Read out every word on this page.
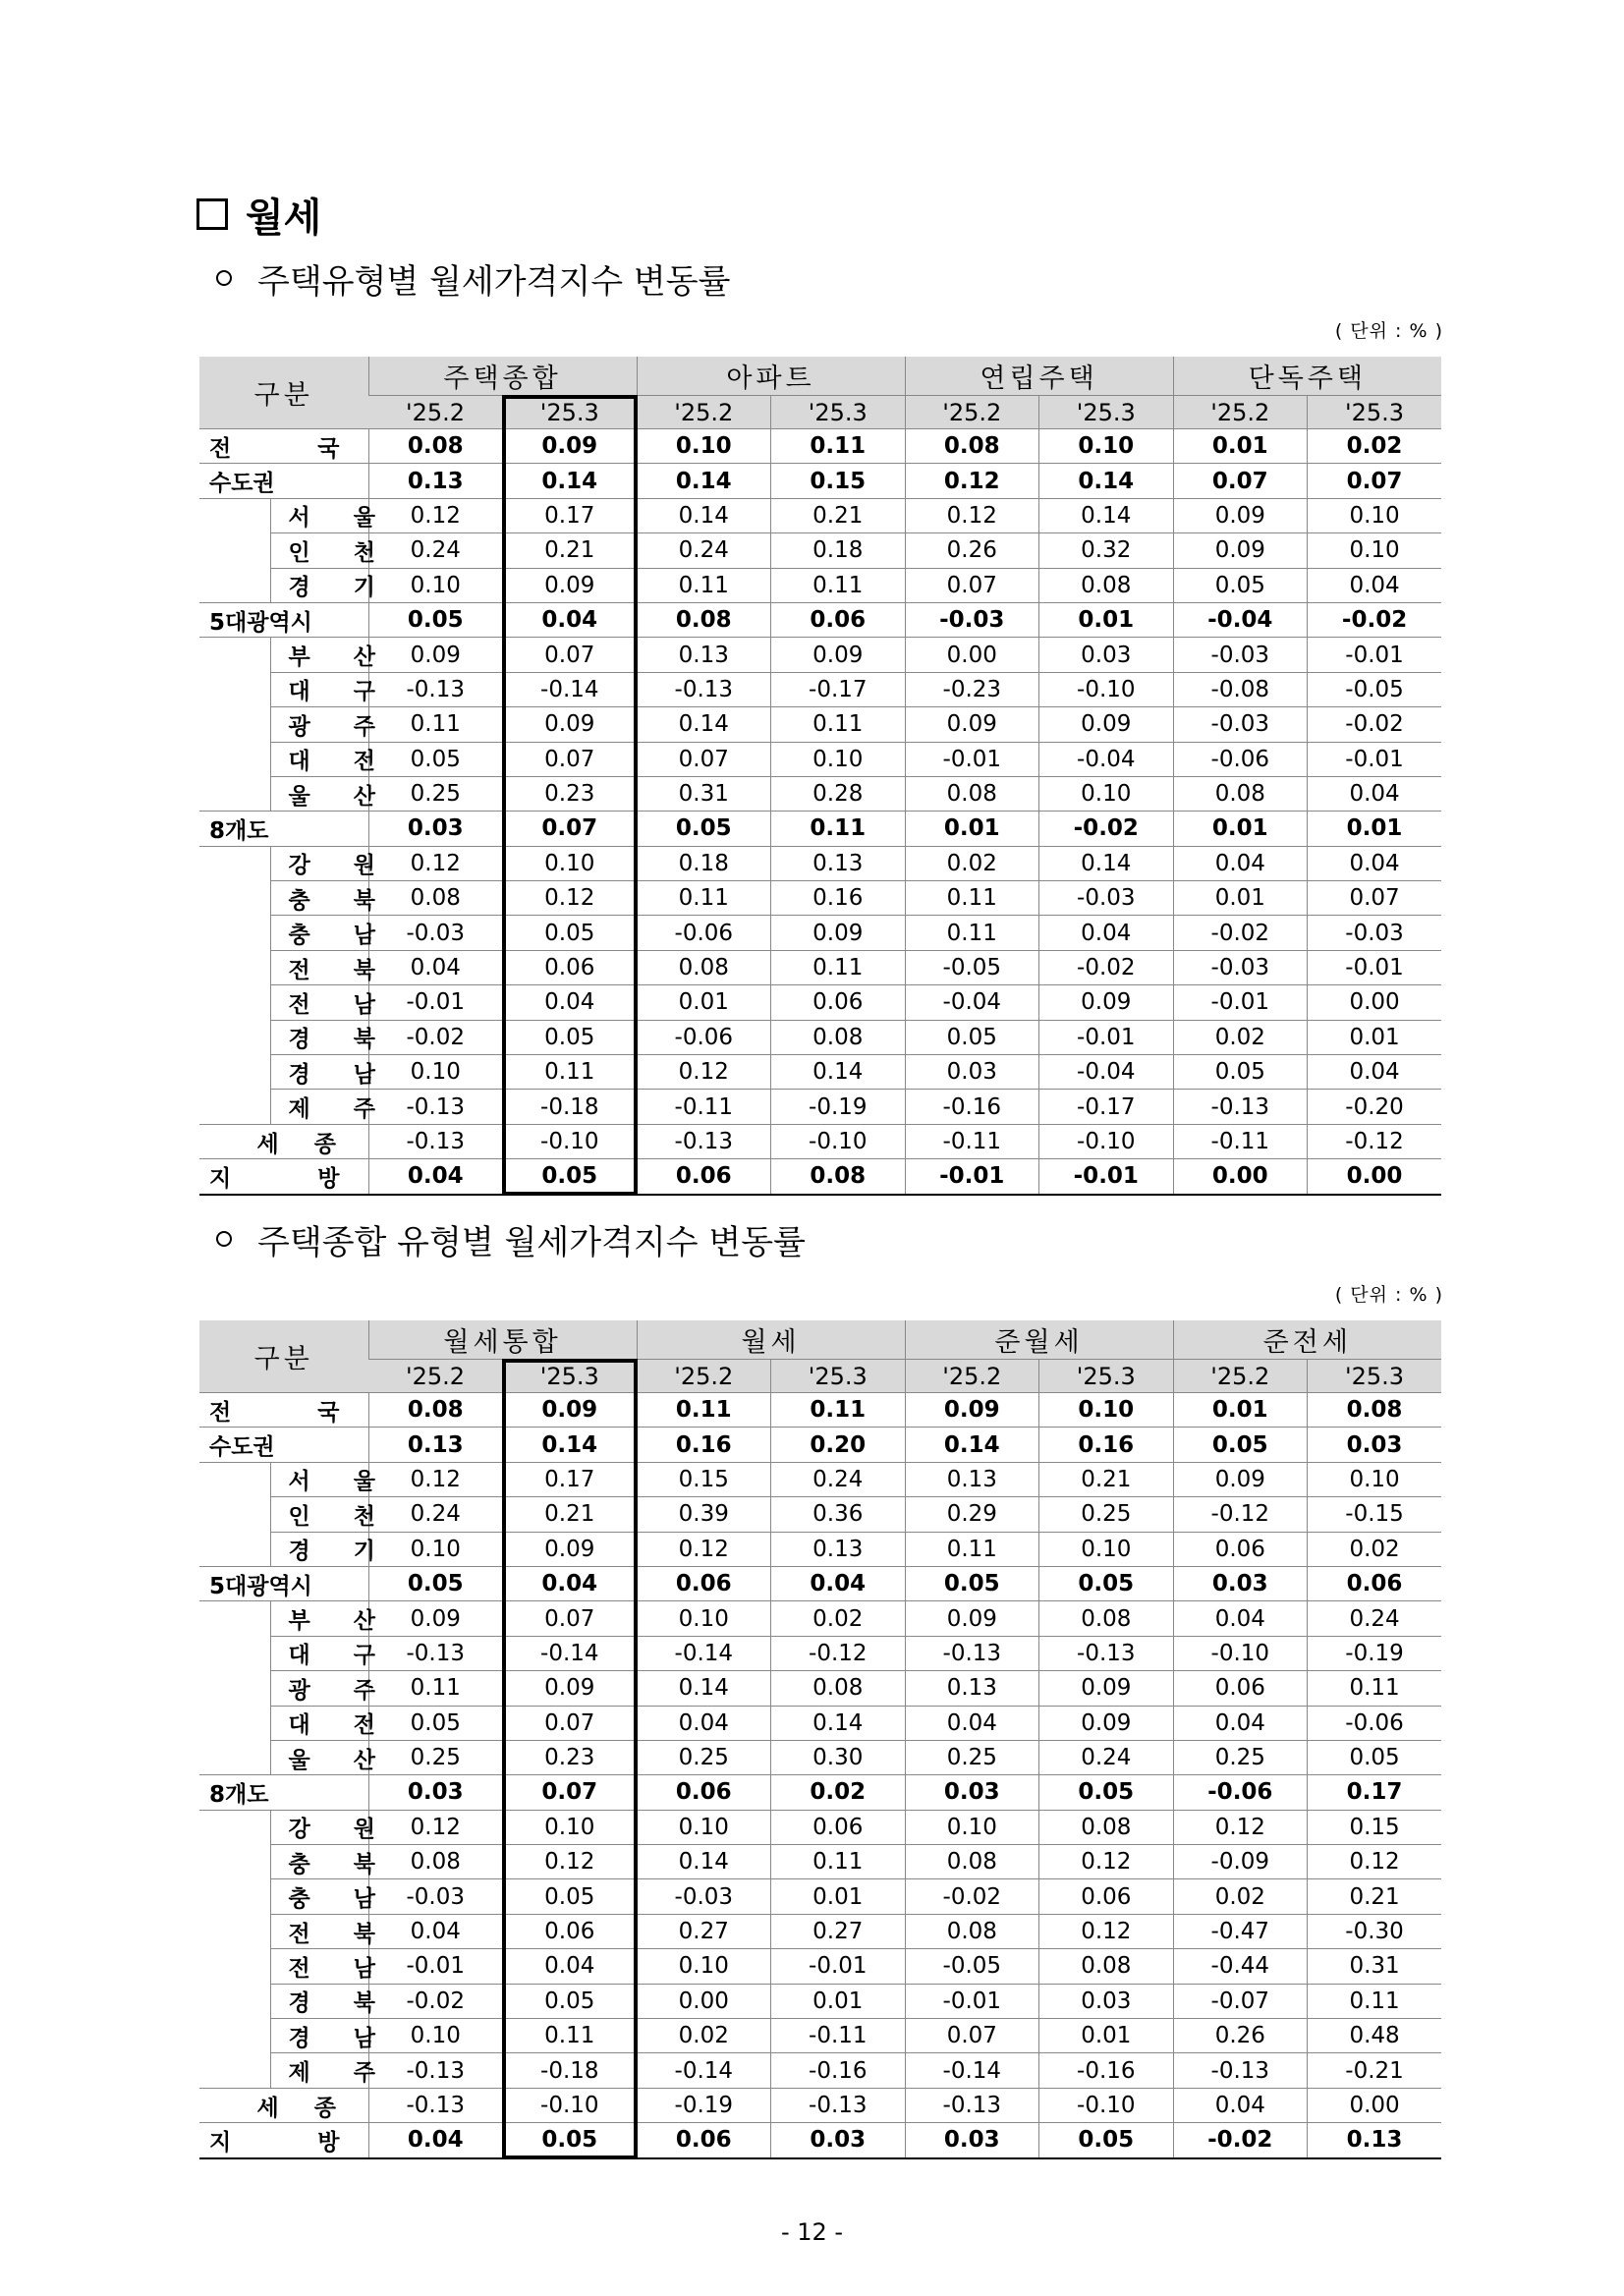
월세
주택유형별 월세가격지수 변동률
( 단위 : % )
구분		주택종합		아파트		연립주택		단독주택	
		'25.2	'25.3	'25.2	'25.3	'25.2	'25.3	'25.2	'25.3
전 국		0.08	0.09	0.10	0.11	0.08	0.10	0.01	0.02
수도권		0.13	0.14	0.14	0.15	0.12	0.14	0.07	0.07
	서 울	0.12	0.17	0.14	0.21	0.12	0.14	0.09	0.10
	인 천	0.24	0.21	0.24	0.18	0.26	0.32	0.09	0.10
	경 기	0.10	0.09	0.11	0.11	0.07	0.08	0.05	0.04
5대광역시		0.05	0.04	0.08	0.06	-0.03	0.01	-0.04	-0.02
	부 산	0.09	0.07	0.13	0.09	0.00	0.03	-0.03	-0.01
	대 구	-0.13	-0.14	-0.13	-0.17	-0.23	-0.10	-0.08	-0.05
	광 주	0.11	0.09	0.14	0.11	0.09	0.09	-0.03	-0.02
	대 전	0.05	0.07	0.07	0.10	-0.01	-0.04	-0.06	-0.01
	울 산	0.25	0.23	0.31	0.28	0.08	0.10	0.08	0.04
8개도		0.03	0.07	0.05	0.11	0.01	-0.02	0.01	0.01
	강 원	0.12	0.10	0.18	0.13	0.02	0.14	0.04	0.04
	충 북	0.08	0.12	0.11	0.16	0.11	-0.03	0.01	0.07
	충 남	-0.03	0.05	-0.06	0.09	0.11	0.04	-0.02	-0.03
	전 북	0.04	0.06	0.08	0.11	-0.05	-0.02	-0.03	-0.01
	전 남	-0.01	0.04	0.01	0.06	-0.04	0.09	-0.01	0.00
	경 북	-0.02	0.05	-0.06	0.08	0.05	-0.01	0.02	0.01
	경 남	0.10	0.11	0.12	0.14	0.03	-0.04	0.05	0.04
	제 주	-0.13	-0.18	-0.11	-0.19	-0.16	-0.17	-0.13	-0.20
세 종		-0.13	-0.10	-0.13	-0.10	-0.11	-0.10	-0.11	-0.12
지 방		0.04	0.05	0.06	0.08	-0.01	-0.01	0.00	0.00
주택종합 유형별 월세가격지수 변동률
( 단위 : % )
구분		월세통합		월세		준월세		준전세	
		'25.2	'25.3	'25.2	'25.3	'25.2	'25.3	'25.2	'25.3
전 국		0.08	0.09	0.11	0.11	0.09	0.10	0.01	0.08
수도권		0.13	0.14	0.16	0.20	0.14	0.16	0.05	0.03
	서 울	0.12	0.17	0.15	0.24	0.13	0.21	0.09	0.10
	인 천	0.24	0.21	0.39	0.36	0.29	0.25	-0.12	-0.15
	경 기	0.10	0.09	0.12	0.13	0.11	0.10	0.06	0.02
5대광역시		0.05	0.04	0.06	0.04	0.05	0.05	0.03	0.06
	부 산	0.09	0.07	0.10	0.02	0.09	0.08	0.04	0.24
	대 구	-0.13	-0.14	-0.14	-0.12	-0.13	-0.13	-0.10	-0.19
	광 주	0.11	0.09	0.14	0.08	0.13	0.09	0.06	0.11
	대 전	0.05	0.07	0.04	0.14	0.04	0.09	0.04	-0.06
	울 산	0.25	0.23	0.25	0.30	0.25	0.24	0.25	0.05
8개도		0.03	0.07	0.06	0.02	0.03	0.05	-0.06	0.17
	강 원	0.12	0.10	0.10	0.06	0.10	0.08	0.12	0.15
	충 북	0.08	0.12	0.14	0.11	0.08	0.12	-0.09	0.12
	충 남	-0.03	0.05	-0.03	0.01	-0.02	0.06	0.02	0.21
	전 북	0.04	0.06	0.27	0.27	0.08	0.12	-0.47	-0.30
	전 남	-0.01	0.04	0.10	-0.01	-0.05	0.08	-0.44	0.31
	경 북	-0.02	0.05	0.00	0.01	-0.01	0.03	-0.07	0.11
	경 남	0.10	0.11	0.02	-0.11	0.07	0.01	0.26	0.48
	제 주	-0.13	-0.18	-0.14	-0.16	-0.14	-0.16	-0.13	-0.21
세 종		-0.13	-0.10	-0.19	-0.13	-0.13	-0.10	0.04	0.00
지 방		0.04	0.05	0.06	0.03	0.03	0.05	-0.02	0.13
- 12 -
